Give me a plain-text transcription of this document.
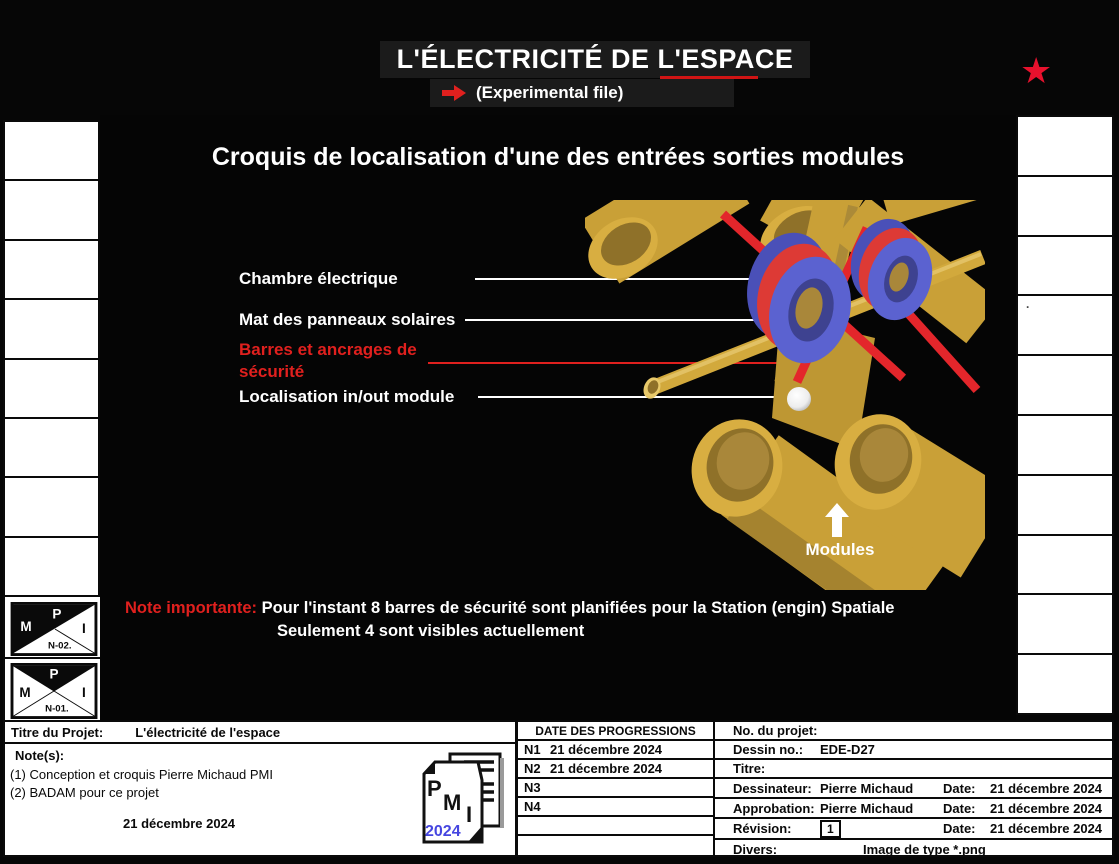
L'ÉLECTRICITÉ DE L'ESPACE
(Experimental file)
★
.
P
M	I
N-02.
P
M	I
N-01.
Croquis de localisation d'une des entrées sorties modules
Chambre électrique
Mat des panneaux solaires
Barres et ancrages de sécurité
Localisation in/out module
Modules
Note importante: Pour l'instant 8 barres de sécurité sont planifiées pour la Station (engin) Spatiale
Seulement 4 sont visibles actuellement
Titre du Projet: L'électricité de l'espace
Note(s):
(1) Conception et croquis Pierre Michaud PMI
(2) BADAM pour ce projet
21 décembre 2024
P
M I
2024
DATE DES PROGRESSIONS
N1 21 décembre 2024
N2 21 décembre 2024
N3
N4
No. du projet:
Dessin no.:	EDE-D27
Titre:
Dessinateur: Pierre Michaud	Date:	21 décembre 2024
Approbation: Pierre Michaud	Date:	21 décembre 2024
Révision:	1	Date:	21 décembre 2024
Divers:	Image de type *.png
